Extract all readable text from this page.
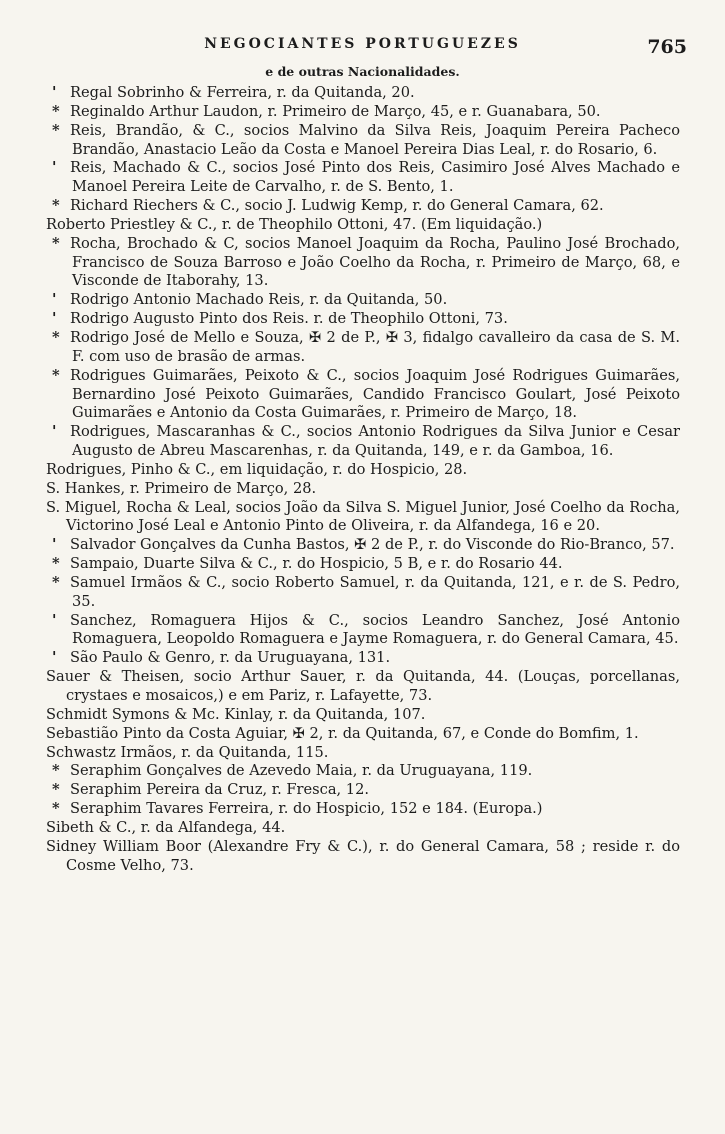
NEGOCIANTES PORTUGUEZES	765
e de outras Nacionalidades.
' Regal Sobrinho & Ferreira, r. da Quitanda, 20.
* Reginaldo Arthur Laudon, r. Primeiro de Março, 45, e r. Guanabara, 50.
* Reis, Brandão, & C., socios Malvino da Silva Reis, Joaquim Pereira Pacheco Brandão, Anastacio Leão da Costa e Manoel Pereira Dias Leal, r. do Rosario, 6.
' Reis, Machado & C., socios José Pinto dos Reis, Casimiro José Alves Machado e Manoel Pereira Leite de Carvalho, r. de S. Bento, 1.
* Richard Riechers & C., socio J. Ludwig Kemp, r. do General Camara, 62.
Roberto Priestley & C., r. de Theophilo Ottoni, 47. (Em liquidação.)
* Rocha, Brochado & C, socios Manoel Joaquim da Rocha, Paulino José Brochado, Francisco de Souza Barroso e João Coelho da Rocha, r. Primeiro de Março, 68, e Visconde de Itaborahy, 13.
' Rodrigo Antonio Machado Reis, r. da Quitanda, 50.
' Rodrigo Augusto Pinto dos Reis. r. de Theophilo Ottoni, 73.
* Rodrigo José de Mello e Souza, ✠ 2 de P., ✠ 3, fidalgo cavalleiro da casa de S. M. F. com uso de brasão de armas.
* Rodrigues Guimarães, Peixoto & C., socios Joaquim José Rodrigues Guimarães, Bernardino José Peixoto Guimarães, Candido Francisco Goulart, José Peixoto Guimarães e Antonio da Costa Guimarães, r. Primeiro de Março, 18.
' Rodrigues, Mascaranhas & C., socios Antonio Rodrigues da Silva Junior e Cesar Augusto de Abreu Mascarenhas, r. da Quitanda, 149, e r. da Gamboa, 16.
Rodrigues, Pinho & C., em liquidação, r. do Hospicio, 28.
S. Hankes, r. Primeiro de Março, 28.
S. Miguel, Rocha & Leal, socios João da Silva S. Miguel Junior, José Coelho da Rocha, Victorino José Leal e Antonio Pinto de Oliveira, r. da Alfandega, 16 e 20.
' Salvador Gonçalves da Cunha Bastos, ✠ 2 de P., r. do Visconde do Rio-Branco, 57.
* Sampaio, Duarte Silva & C., r. do Hospicio, 5 B, e r. do Rosario 44.
* Samuel Irmãos & C., socio Roberto Samuel, r. da Quitanda, 121, e r. de S. Pedro, 35.
' Sanchez, Romaguera Hijos & C., socios Leandro Sanchez, José Antonio Romaguera, Leopoldo Romaguera e Jayme Romaguera, r. do General Camara, 45.
' São Paulo & Genro, r. da Uruguayana, 131.
Sauer & Theisen, socio Arthur Sauer, r. da Quitanda, 44. (Louças, porcellanas, crystaes e mosaicos,) e em Pariz, r. Lafayette, 73.
Schmidt Symons & Mc. Kinlay, r. da Quitanda, 107.
Sebastião Pinto da Costa Aguiar, ✠ 2, r. da Quitanda, 67, e Conde do Bomfim, 1.
Schwastz Irmãos, r. da Quitanda, 115.
* Seraphim Gonçalves de Azevedo Maia, r. da Uruguayana, 119.
* Seraphim Pereira da Cruz, r. Fresca, 12.
* Seraphim Tavares Ferreira, r. do Hospicio, 152 e 184. (Europa.)
Sibeth & C., r. da Alfandega, 44.
Sidney William Boor (Alexandre Fry & C.), r. do General Camara, 58 ; reside r. do Cosme Velho, 73.
